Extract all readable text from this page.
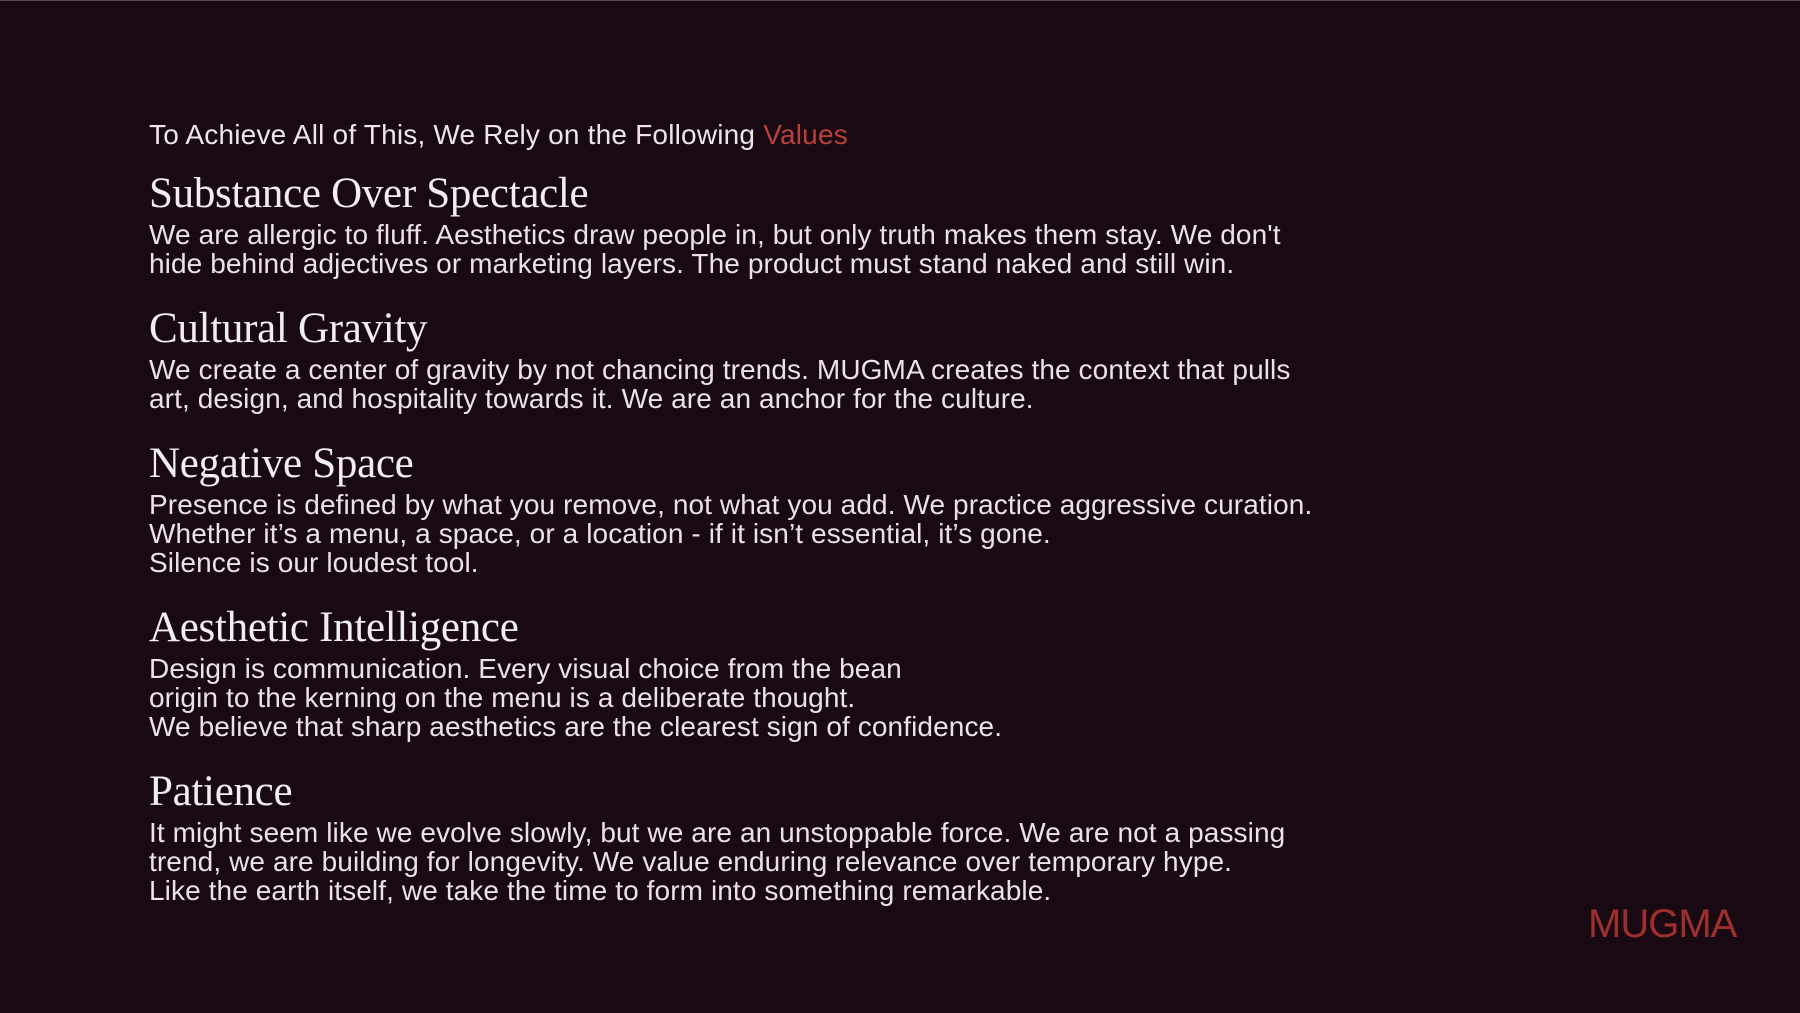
To Achieve All of This, We Rely on the Following Values
Substance Over Spectacle

We are allergic to fluff. Aesthetics draw people in, but only truth makes them stay. We don't

hide behind adjectives or marketing layers. The product must stand naked and still win.

Cultural Gravity

We create a center of gravity by not chancing trends. MUGMA creates the context that pulls

art, design, and hospitality towards it. We are an anchor for the culture.

Negative Space

Presence is defined by what you remove, not what you add. We practice aggressive curation.

Whether it’s a menu, a space, or a location - if it isn’t essential, it’s gone.

Silence is our loudest tool.

Aesthetic Intelligence

Design is communication. Every visual choice from the bean

origin to the kerning on the menu is a deliberate thought.

We believe that sharp aesthetics are the clearest sign of confidence.

Patience

It might seem like we evolve slowly, but we are an unstoppable force. We are not a passing

trend, we are building for longevity. We value enduring relevance over temporary hype.

Like the earth itself, we take the time to form into something remarkable.

MUGMA
